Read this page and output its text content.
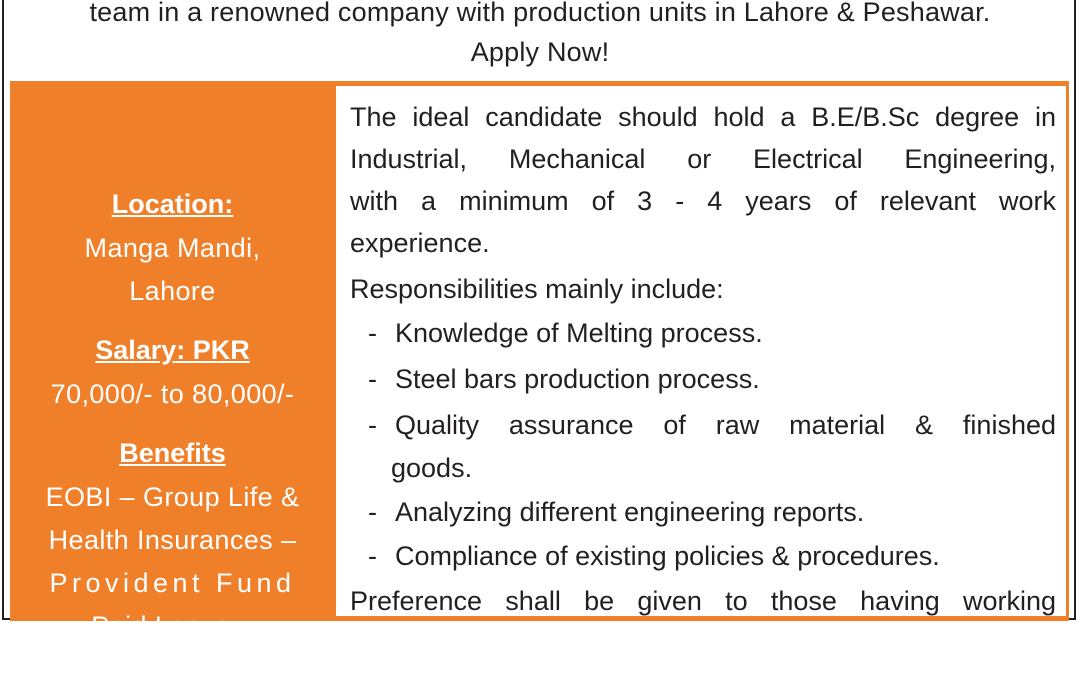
team in a renowned company with production units in Lahore & Peshawar.
Apply Now!
Location:
Manga Mandi,
Lahore
Salary: PKR
70,000/- to 80,000/-
Benefits
EOBI – Group Life &
Health Insurances –
Provident Fund
Paid Leave –
Accommodation
The ideal candidate should hold a B.E/B.Sc degree in
Industrial, Mechanical or Electrical Engineering,
with a minimum of 3 - 4 years of relevant work
experience.
Responsibilities mainly include:
- Knowledge of Melting process.
- Steel bars production process.
- Quality assurance of raw material & finished
goods.
- Analyzing different engineering reports.
- Compliance of existing policies & procedures.
Preference shall be given to those having working
